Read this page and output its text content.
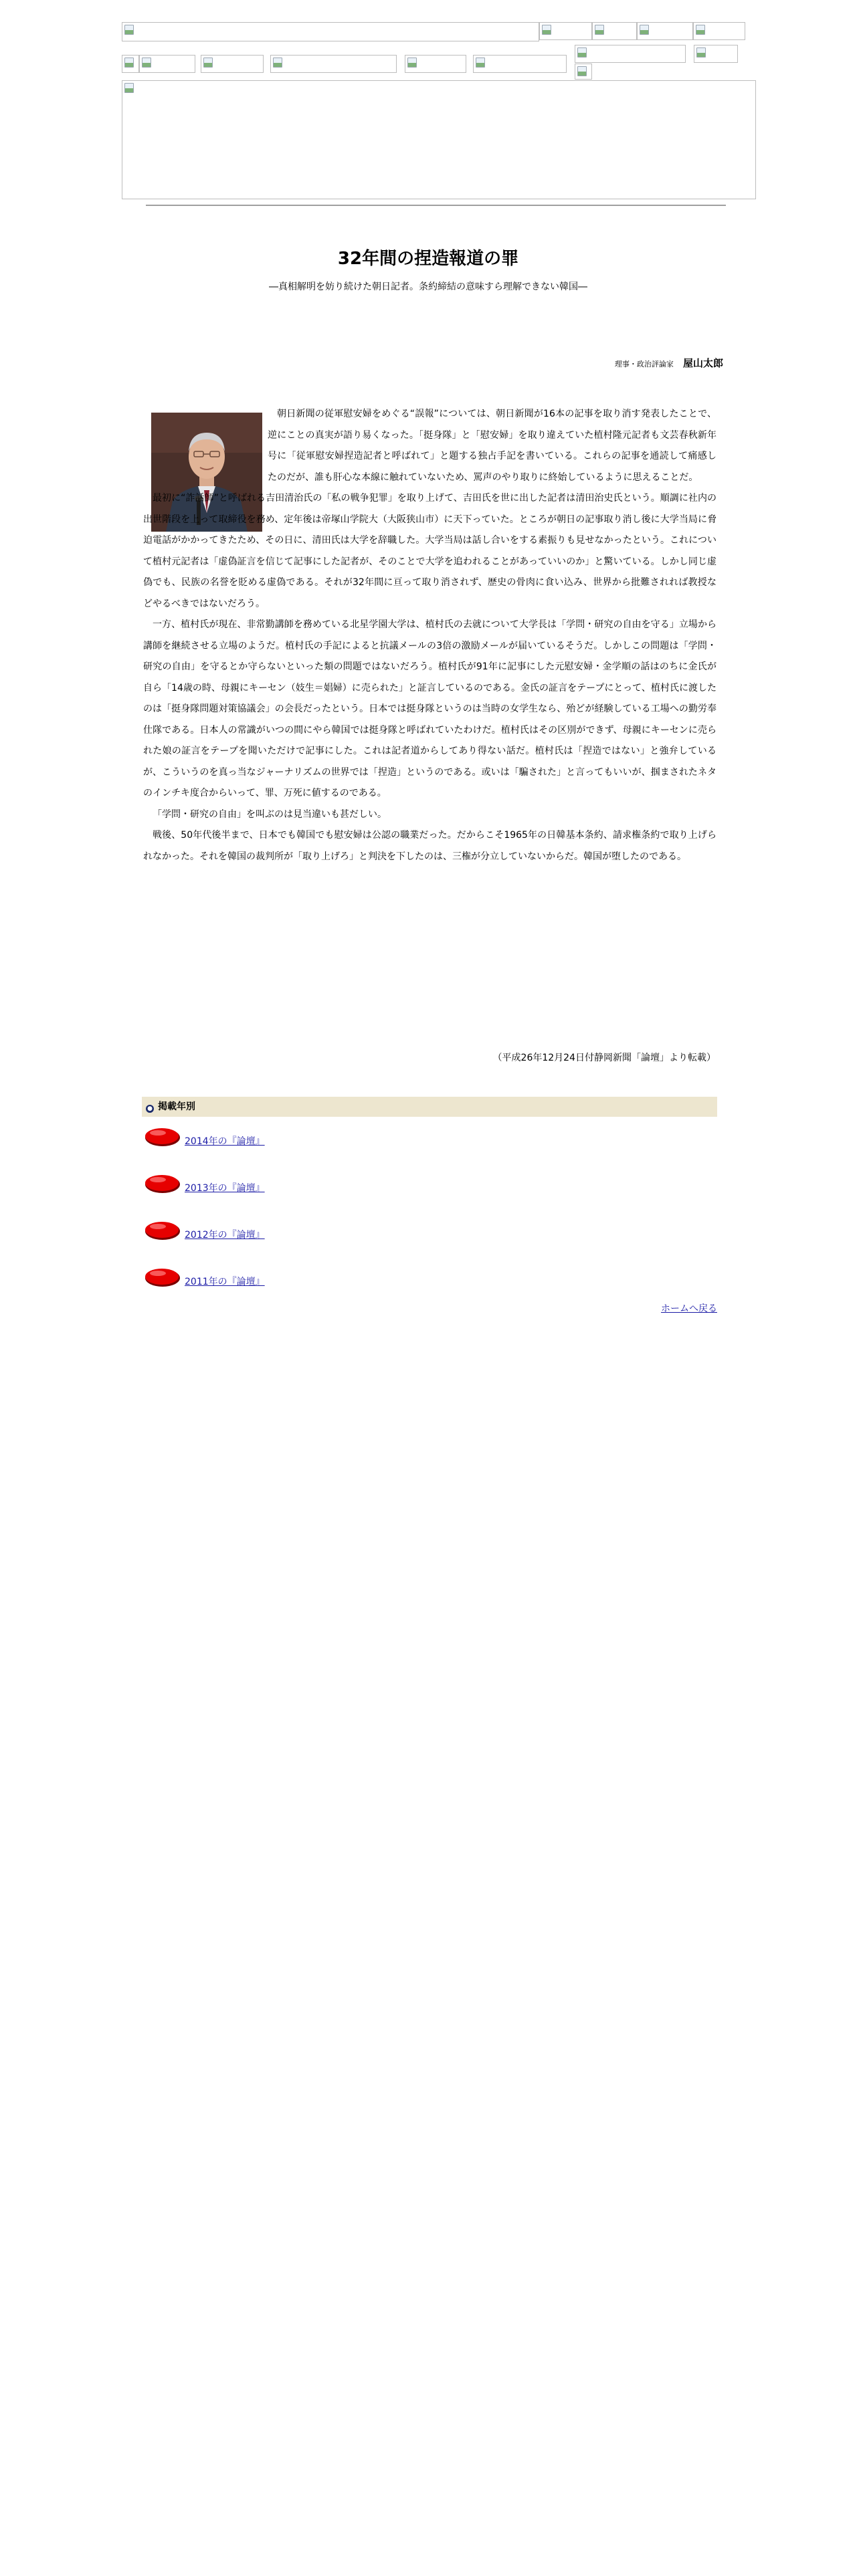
32年間の捏造報道の罪

―真相解明を妨り続けた朝日記者。条約締結の意味すら理解できない韓国―

理事・政治評論家 屋山太郎

朝日新聞の従軍慰安婦をめぐる“誤報”については、朝日新聞が16本の記事を取り消す発表したことで、逆にことの真実が語り易くなった。「挺身隊」と「慰安婦」を取り違えていた植村隆元記者も文芸春秋新年号に「従軍慰安婦捏造記者と呼ばれて」と題する独占手記を書いている。これらの記事を通読して痛感したのだが、誰も肝心な本線に触れていないため、罵声のやり取りに終始しているように思えることだ。

最初に“詐話師”と呼ばれる吉田清治氏の「私の戦争犯罪」を取り上げて、吉田氏を世に出した記者は清田治史氏という。順調に社内の出世階段を上って取締役を務め、定年後は帝塚山学院大（大阪狭山市）に天下っていた。ところが朝日の記事取り消し後に大学当局に脅迫電話がかかってきたため、その日に、清田氏は大学を辞職した。大学当局は話し合いをする素振りも見せなかったという。これについて植村元記者は「虚偽証言を信じて記事にした記者が、そのことで大学を追われることがあっていいのか」と驚いている。しかし同じ虚偽でも、民族の名誉を貶める虚偽である。それが32年間に亘って取り消されず、歴史の骨肉に食い込み、世界から批難されれば教授などやるべきではないだろう。

一方、植村氏が現在、非常勤講師を務めている北星学園大学は、植村氏の去就について大学長は「学問・研究の自由を守る」立場から講師を継続させる立場のようだ。植村氏の手記によると抗議メールの3倍の激励メールが届いているそうだ。しかしこの問題は「学問・研究の自由」を守るとか守らないといった類の問題ではないだろう。植村氏が91年に記事にした元慰安婦・金学順の話はのちに金氏が自ら「14歳の時、母親にキーセン（妓生＝娼婦）に売られた」と証言しているのである。金氏の証言をテープにとって、植村氏に渡したのは「挺身隊問題対策協議会」の会長だったという。日本では挺身隊というのは当時の女学生なら、殆どが経験している工場への勤労奉仕隊である。日本人の常識がいつの間にやら韓国では挺身隊と呼ばれていたわけだ。植村氏はその区別ができず、母親にキーセンに売られた娘の証言をテープを聞いただけで記事にした。これは記者道からしてあり得ない話だ。植村氏は「捏造ではない」と強弁しているが、こういうのを真っ当なジャーナリズムの世界では「捏造」というのである。或いは「騙された」と言ってもいいが、掴まされたネタのインチキ度合からいって、罪、万死に値するのである。

「学問・研究の自由」を叫ぶのは見当違いも甚だしい。

戦後、50年代後半まで、日本でも韓国でも慰安婦は公認の職業だった。だからこそ1965年の日韓基本条約、請求権条約で取り上げられなかった。それを韓国の裁判所が「取り上げろ」と判決を下したのは、三権が分立していないからだ。韓国が堕したのである。

（平成26年12月24日付静岡新聞「論壇」より転載）
● 掲載年別
2014年の『論壇』
2013年の『論壇』
2012年の『論壇』
2011年の『論壇』
ホームへ戻る
